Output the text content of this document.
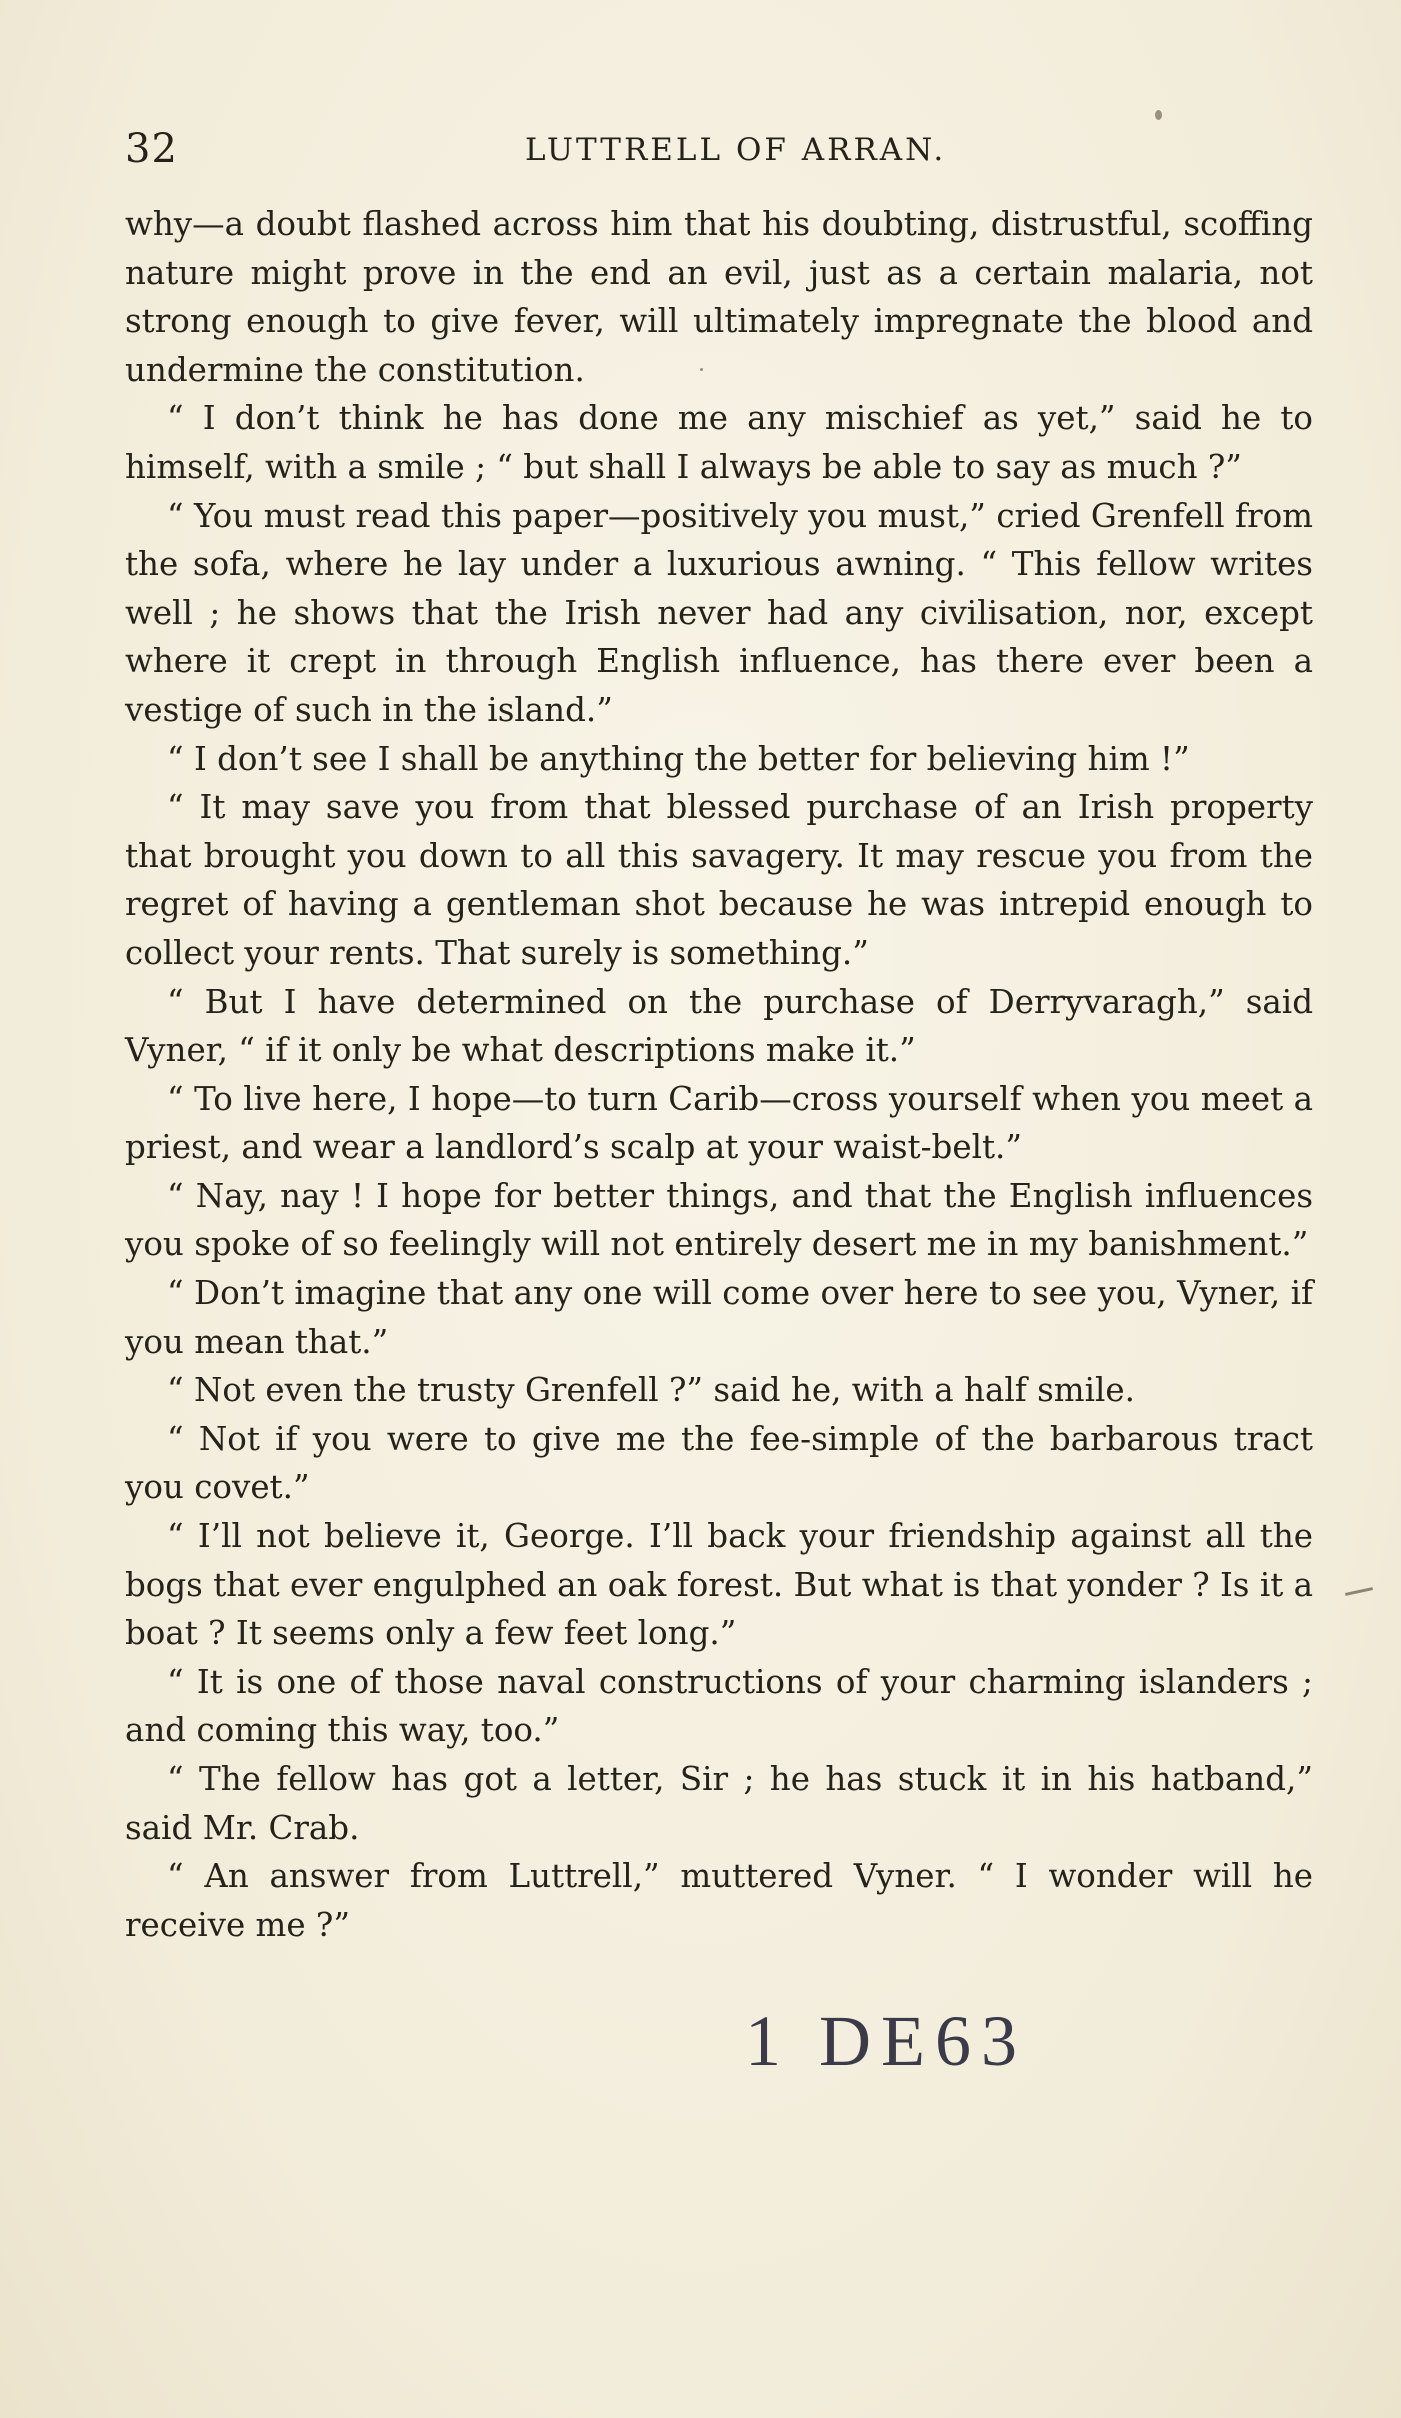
32	LUTTRELL OF ARRAN.

why—a doubt flashed across him that his doubting, distrustful, scoffing nature might prove in the end an evil, just as a certain malaria, not strong enough to give fever, will ultimately impregnate the blood and undermine the constitution.

“ I don’t think he has done me any mischief as yet,” said he to himself, with a smile ; “ but shall I always be able to say as much ?”

“ You must read this paper—positively you must,” cried Grenfell from the sofa, where he lay under a luxurious awning. “ This fellow writes well ; he shows that the Irish never had any civilisation, nor, except where it crept in through English influence, has there ever been a vestige of such in the island.”

“ I don’t see I shall be anything the better for believing him !”

“ It may save you from that blessed purchase of an Irish property that brought you down to all this savagery. It may rescue you from the regret of having a gentleman shot because he was intrepid enough to collect your rents. That surely is something.”

“ But I have determined on the purchase of Derryvaragh,” said Vyner, “ if it only be what descriptions make it.”

“ To live here, I hope—to turn Carib—cross yourself when you meet a priest, and wear a landlord’s scalp at your waist-belt.”

“ Nay, nay ! I hope for better things, and that the English influences you spoke of so feelingly will not entirely desert me in my banishment.”

“ Don’t imagine that any one will come over here to see you, Vyner, if you mean that.”

“ Not even the trusty Grenfell ?” said he, with a half smile.

“ Not if you were to give me the fee-simple of the barbarous tract you covet.”

“ I’ll not believe it, George. I’ll back your friendship against all the bogs that ever engulphed an oak forest. But what is that yonder ? Is it a boat ? It seems only a few feet long.”

“ It is one of those naval constructions of your charming islanders ; and coming this way, too.”

“ The fellow has got a letter, Sir ; he has stuck it in his hatband,” said Mr. Crab.

“ An answer from Luttrell,” muttered Vyner. “ I wonder will he receive me ?”

1 DE63
